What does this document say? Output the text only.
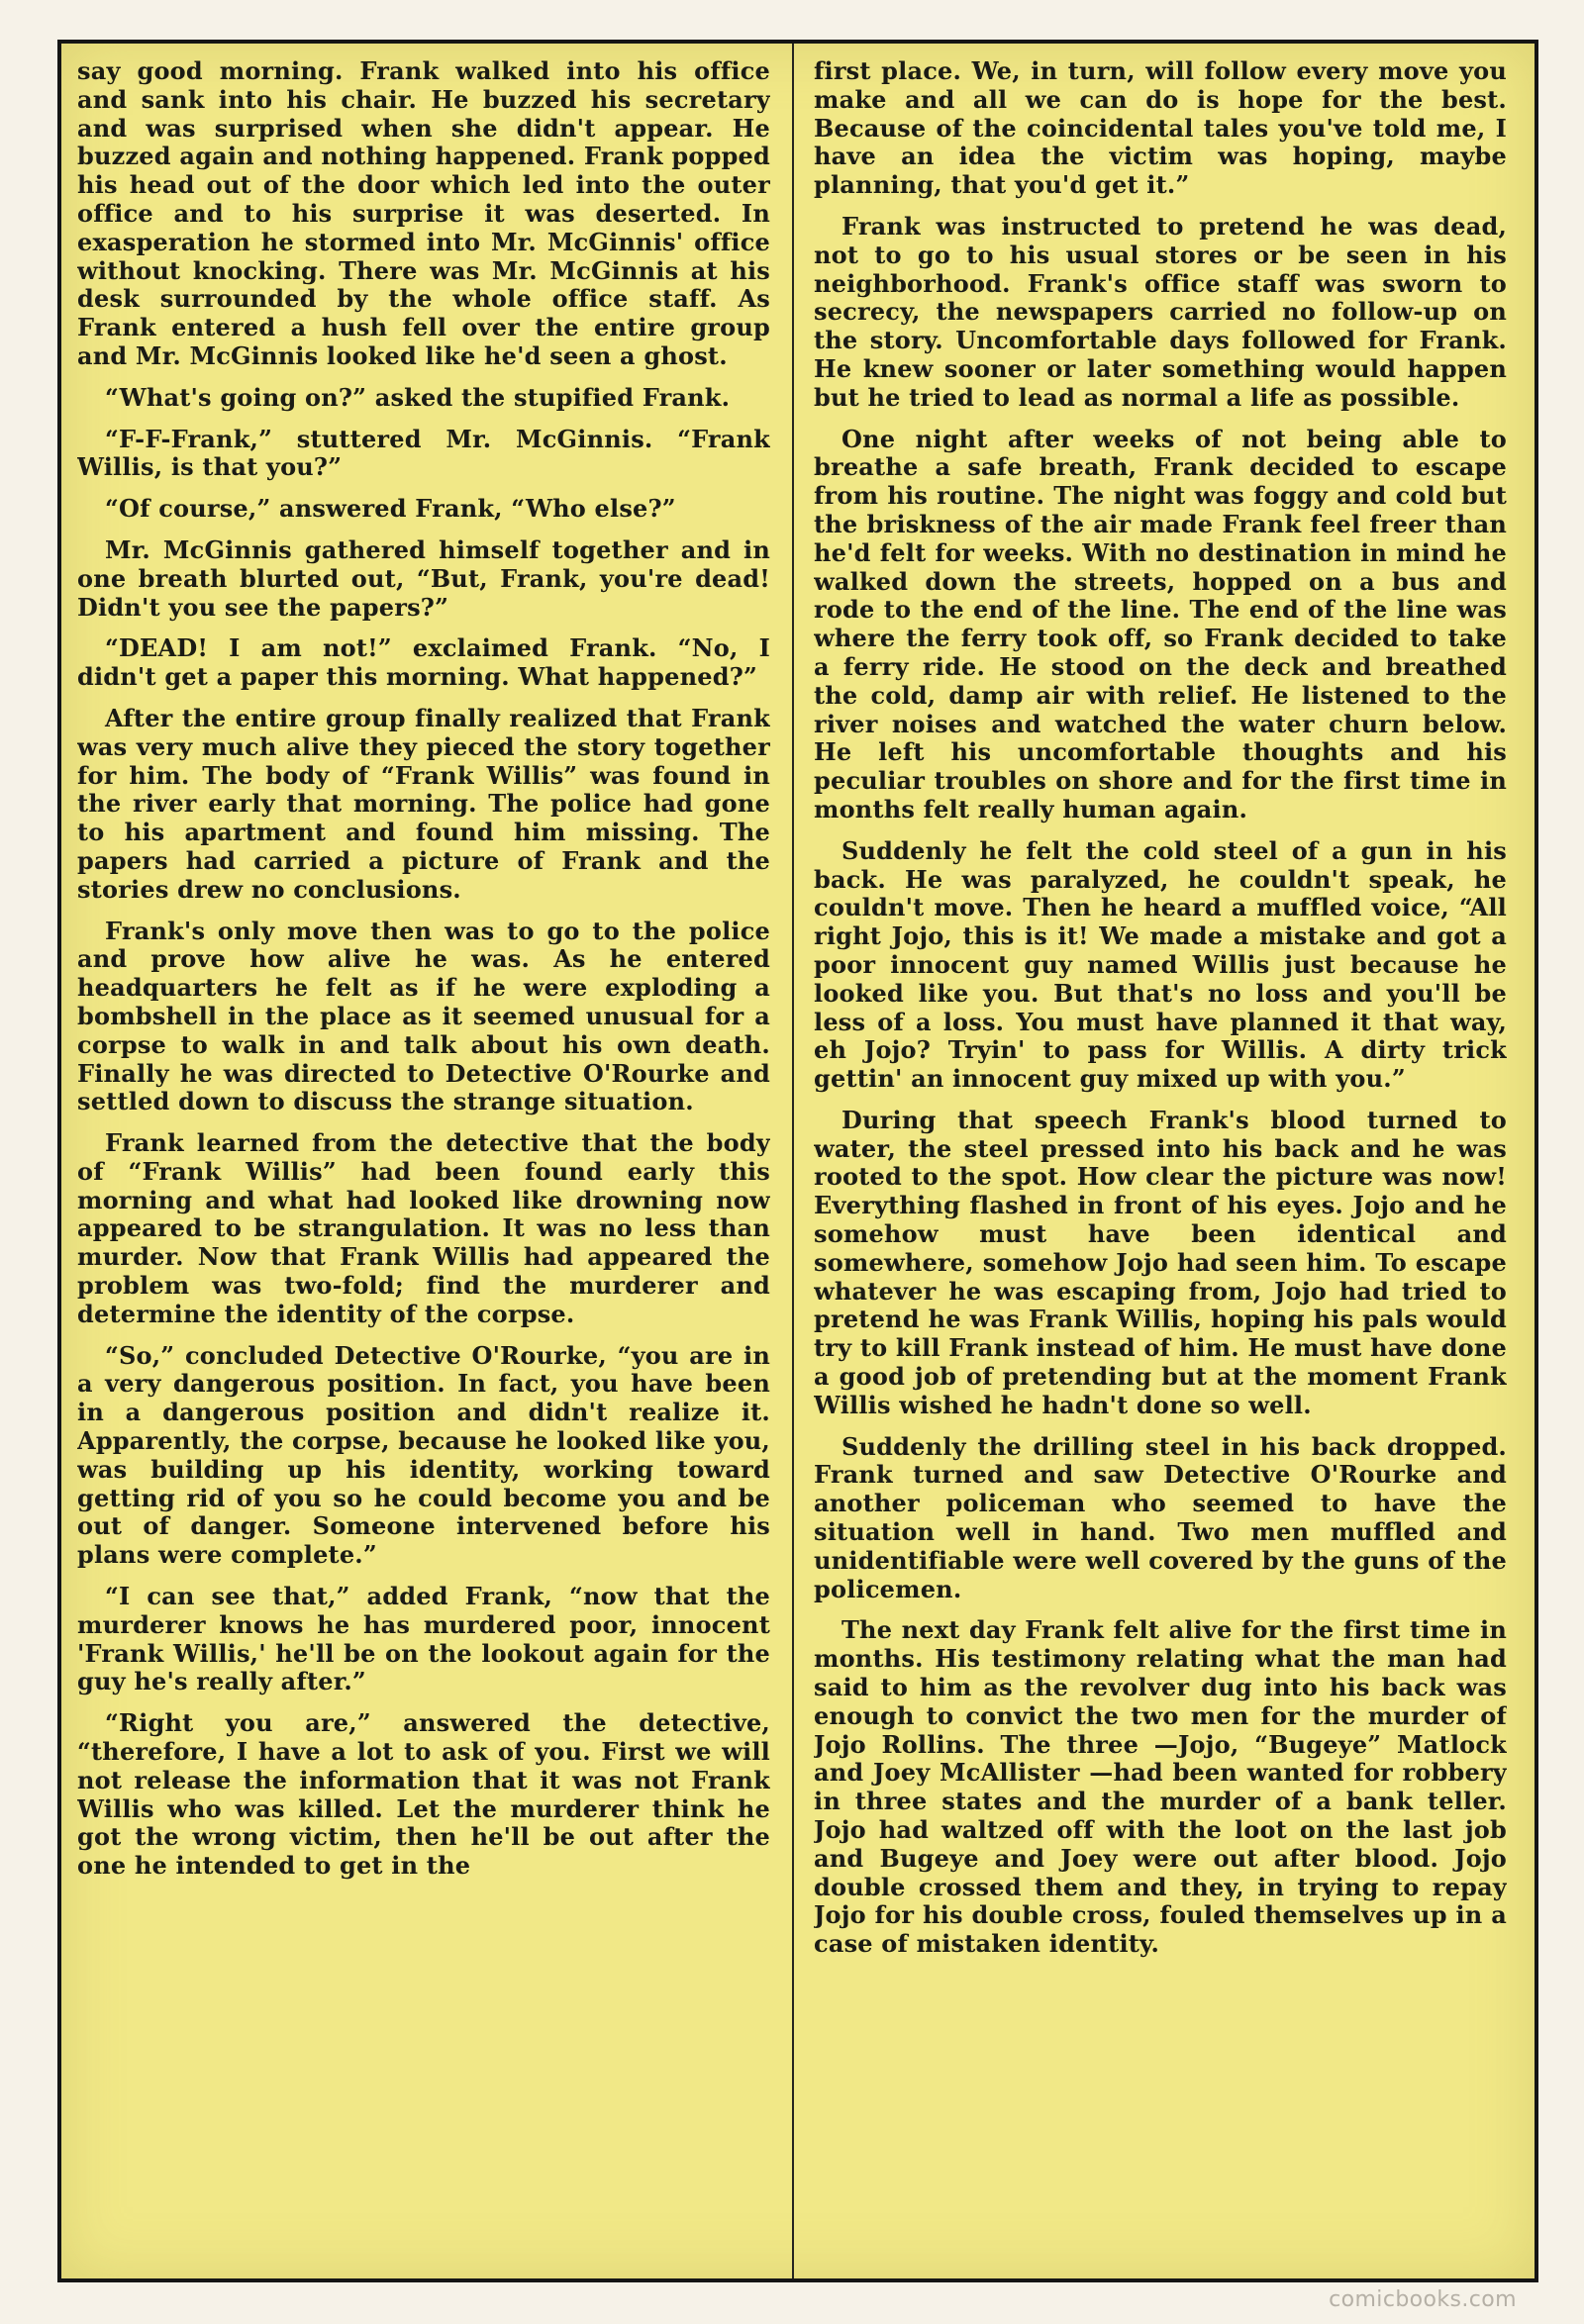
say good morning. Frank walked into his office and sank into his chair. He buzzed his secretary and was surprised when she didn't appear. He buzzed again and nothing happened. Frank popped his head out of the door which led into the outer office and to his surprise it was deserted. In exasperation he stormed into Mr. McGinnis' office without knocking. There was Mr. McGinnis at his desk surrounded by the whole office staff. As Frank entered a hush fell over the entire group and Mr. McGinnis looked like he'd seen a ghost.

“What's going on?” asked the stupified Frank.

“F-F-Frank,” stuttered Mr. McGinnis. “Frank Willis, is that you?”

“Of course,” answered Frank, “Who else?”

Mr. McGinnis gathered himself together and in one breath blurted out, “But, Frank, you're dead! Didn't you see the papers?”

“DEAD! I am not!” exclaimed Frank. “No, I didn't get a paper this morning. What happened?”

After the entire group finally realized that Frank was very much alive they pieced the story together for him. The body of “Frank Willis” was found in the river early that morning. The police had gone to his apartment and found him missing. The papers had carried a picture of Frank and the stories drew no conclusions.

Frank's only move then was to go to the police and prove how alive he was. As he entered headquarters he felt as if he were exploding a bombshell in the place as it seemed unusual for a corpse to walk in and talk about his own death. Finally he was directed to Detective O'Rourke and settled down to discuss the strange situation.

Frank learned from the detective that the body of “Frank Willis” had been found early this morning and what had looked like drowning now appeared to be strangulation. It was no less than murder. Now that Frank Willis had appeared the problem was two-fold; find the murderer and determine the identity of the corpse.

“So,” concluded Detective O'Rourke, “you are in a very dangerous position. In fact, you have been in a dangerous position and didn't realize it. Apparently, the corpse, because he looked like you, was building up his identity, working toward getting rid of you so he could become you and be out of danger. Someone intervened before his plans were complete.”

“I can see that,” added Frank, “now that the murderer knows he has murdered poor, innocent 'Frank Willis,' he'll be on the lookout again for the guy he's really after.”

“Right you are,” answered the detective, “therefore, I have a lot to ask of you. First we will not release the information that it was not Frank Willis who was killed. Let the murderer think he got the wrong victim, then he'll be out after the one he intended to get in the

first place. We, in turn, will follow every move you make and all we can do is hope for the best. Because of the coincidental tales you've told me, I have an idea the victim was hoping, maybe planning, that you'd get it.”

Frank was instructed to pretend he was dead, not to go to his usual stores or be seen in his neighborhood. Frank's office staff was sworn to secrecy, the newspapers carried no follow-up on the story. Uncomfortable days followed for Frank. He knew sooner or later something would happen but he tried to lead as normal a life as possible.

One night after weeks of not being able to breathe a safe breath, Frank decided to escape from his routine. The night was foggy and cold but the briskness of the air made Frank feel freer than he'd felt for weeks. With no destination in mind he walked down the streets, hopped on a bus and rode to the end of the line. The end of the line was where the ferry took off, so Frank decided to take a ferry ride. He stood on the deck and breathed the cold, damp air with relief. He listened to the river noises and watched the water churn below. He left his uncomfortable thoughts and his peculiar troubles on shore and for the first time in months felt really human again.

Suddenly he felt the cold steel of a gun in his back. He was paralyzed, he couldn't speak, he couldn't move. Then he heard a muffled voice, “All right Jojo, this is it! We made a mistake and got a poor innocent guy named Willis just because he looked like you. But that's no loss and you'll be less of a loss. You must have planned it that way, eh Jojo? Tryin' to pass for Willis. A dirty trick gettin' an innocent guy mixed up with you.”

During that speech Frank's blood turned to water, the steel pressed into his back and he was rooted to the spot. How clear the picture was now! Everything flashed in front of his eyes. Jojo and he somehow must have been identical and somewhere, somehow Jojo had seen him. To escape whatever he was escaping from, Jojo had tried to pretend he was Frank Willis, hoping his pals would try to kill Frank instead of him. He must have done a good job of pretending but at the moment Frank Willis wished he hadn't done so well.

Suddenly the drilling steel in his back dropped. Frank turned and saw Detective O'Rourke and another policeman who seemed to have the situation well in hand. Two men muffled and unidentifiable were well covered by the guns of the policemen.

The next day Frank felt alive for the first time in months. His testimony relating what the man had said to him as the revolver dug into his back was enough to convict the two men for the murder of Jojo Rollins. The three —Jojo, “Bugeye” Matlock and Joey McAllister —had been wanted for robbery in three states and the murder of a bank teller. Jojo had waltzed off with the loot on the last job and Bugeye and Joey were out after blood. Jojo double crossed them and they, in trying to repay Jojo for his double cross, fouled themselves up in a case of mistaken identity.

comicbooks.com
